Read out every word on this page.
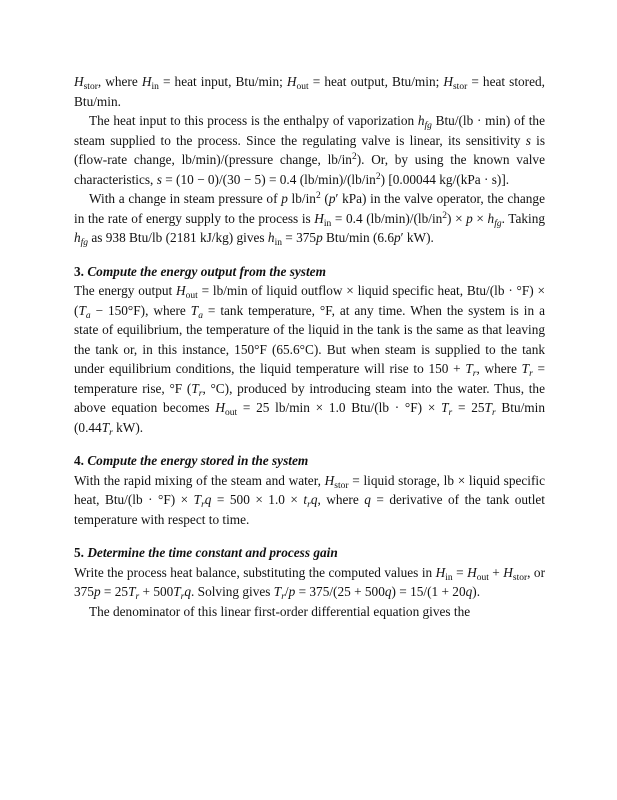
$H_{stor}$, where $H_{in}$ = heat input, Btu/min; $H_{out}$ = heat output, Btu/min; $H_{stor}$ = heat stored, Btu/min.

The heat input to this process is the enthalpy of vaporization $h_{fg}$ Btu/(lb · min) of the steam supplied to the process. Since the regulating valve is linear, its sensitivity s is (flow-rate change, lb/min)/(pressure change, $lb/in^2$). Or, by using the known valve characteristics, s = (10 − 0)/(30 − 5) = 0.4 $(lb/\min)/(lb/in^2)$ [0.00044 kg/(kPa · s)].

With a change in steam pressure of p $lb/in^2$ (p′ kPa) in the valve operator, the change in the rate of energy supply to the process is $H_{in} = 0.4$ $(lb/\min)/(lb/in^2) \times p \times h_{fg}$. Taking $h_{fg}$ as 938 Btu/lb (2181 kJ/kg) gives $h_{in} = 375p$ Btu/min (6.6p′ kW).

3. Compute the energy output from the system

The energy output $H_{out} = lb/\min$ of liquid outflow × liquid specific heat, $Btu/(lb \cdot ^\circ F) \times (T_a - 150^\circ F)$, where $T_a = \tan k$ temperature, °F, at any time. When the system is in a state of equilibrium, the temperature of the liquid in the tank is the same as that leaving the tank or, in this instance, 150°F (65.6°C). But when steam is supplied to the tank under equilibrium conditions, the liquid temperature will rise to $150 + T_r$, where $T_r$ = temperature rise, °F ($T_r$, °C), produced by introducing steam into the water. Thus, the above equation becomes $H_{out} = 25$ lb/min × 1.0 $Btu/(lb \cdot ^\circ F) \times T_r = 25T_r$ Btu/min ($0.44T_r$ kW).

4. Compute the energy stored in the system

With the rapid mixing of the steam and water, $H_{stor}$ = liquid storage, lb × liquid specific heat, $Btu/(lb \cdot ^\circ F) \times T_rq = 500 \times 1.0 \times t_rq$, where q = derivative of the tank outlet temperature with respect to time.

5. Determine the time constant and process gain

Write the process heat balance, substituting the computed values in $H_{in} = H_{out} + H_{stor}$, or $375p = 25T_r + 500T_rq$. Solving gives $T_r/p = 375/(25 + 500q) = 15/(1 + 20q)$.

The denominator of this linear first-order differential equation gives the
